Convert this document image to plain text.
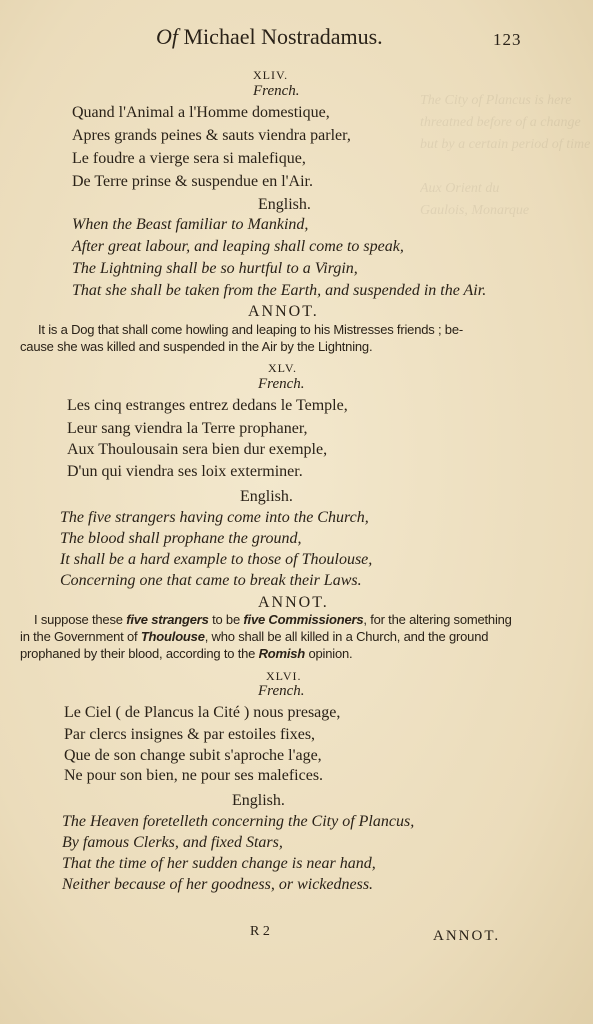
The City of Plancus is here
threatned before of a change
but by a certain period of time

Aux Orient du
Gaulois, Monarque
Of Michael Nostradamus.	123
XLIV.
French.
Quand l'Animal a l'Homme domestique,
Apres grands peines & sauts viendra parler,
Le foudre a vierge sera si malefique,
De Terre prinse & suspendue en l'Air.
English.
When the Beast familiar to Mankind,
After great labour, and leaping shall come to speak,
The Lightning shall be so hurtful to a Virgin,
That she shall be taken from the Earth, and suspended in the Air.
ANNOT.
It is a Dog that shall come howling and leaping to his Mistresses friends ; be-
cause she was killed and suspended in the Air by the Lightning.
XLV.
French.
Les cinq estranges entrez dedans le Temple,
Leur sang viendra la Terre prophaner,
Aux Thoulousain sera bien dur exemple,
D'un qui viendra ses loix exterminer.
English.
The five strangers having come into the Church,
The blood shall prophane the ground,
It shall be a hard example to those of Thoulouse,
Concerning one that came to break their Laws.
ANNOT.
I suppose these five strangers to be five Commissioners, for the altering something
in the Government of Thoulouse, who shall be all killed in a Church, and the ground
prophaned by their blood, according to the Romish opinion.
XLVI.
French.
Le Ciel ( de Plancus la Cité ) nous presage,
Par clercs insignes & par estoiles fixes,
Que de son change subit s'aproche l'age,
Ne pour son bien, ne pour ses malefices.
English.
The Heaven foretelleth concerning the City of Plancus,
By famous Clerks, and fixed Stars,
That the time of her sudden change is near hand,
Neither because of her goodness, or wickedness.
R 2	ANNOT.
